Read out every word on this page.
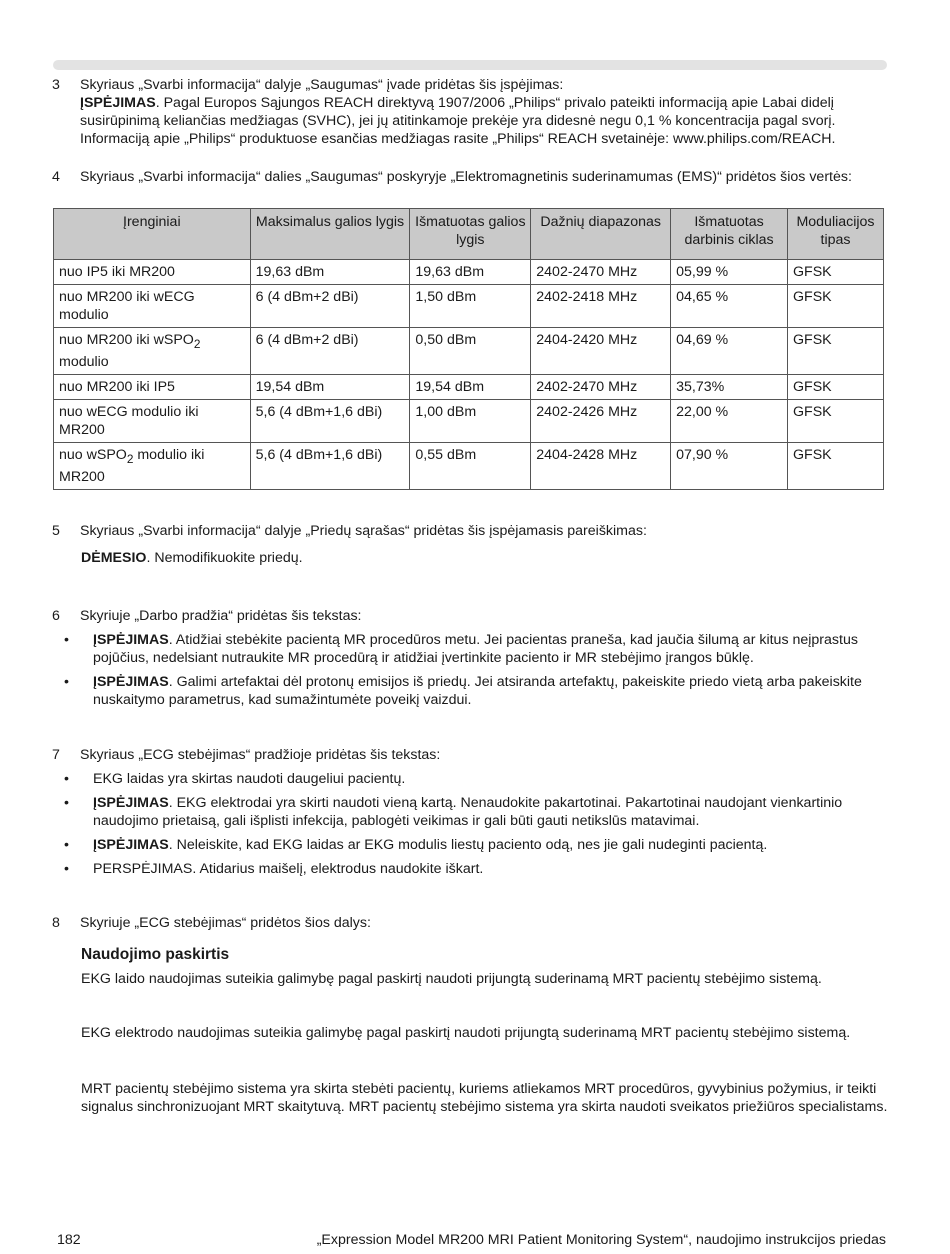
3 Skyriaus „Svarbi informacija“ dalyje „Saugumas“ įvade pridėtas šis įspėjimas:
ĮSPĖJIMAS. Pagal Europos Sąjungos REACH direktyvą 1907/2006 „Philips“ privalo pateikti informaciją apie Labai didelį susirūpinimą keliančias medžiagas (SVHC), jei jų atitinkamoje prekėje yra didesnė negu 0,1 % koncentracija pagal svorį. Informaciją apie „Philips“ produktuose esančias medžiagas rasite „Philips“ REACH svetainėje: www.philips.com/REACH.
4 Skyriaus „Svarbi informacija“ dalies „Saugumas“ poskyryje „Elektromagnetinis suderinamumas (EMS)“ pridėtos šios vertės:
Įrenginiai	Maksimalus galios lygis	Išmatuotas galios lygis	Dažnių diapazonas	Išmatuotas darbinis ciklas	Moduliacijos tipas
nuo IP5 iki MR200	19,63 dBm	19,63 dBm	2402-2470 MHz	05,99 %	GFSK
nuo MR200 iki wECG modulio	6 (4 dBm+2 dBi)	1,50 dBm	2402-2418 MHz	04,65 %	GFSK
nuo MR200 iki wSPO$_2$ modulio	6 (4 dBm+2 dBi)	0,50 dBm	2404-2420 MHz	04,69 %	GFSK
nuo MR200 iki IP5	19,54 dBm	19,54 dBm	2402-2470 MHz	35,73%	GFSK
nuo wECG modulio iki MR200	5,6 (4 dBm+1,6 dBi)	1,00 dBm	2402-2426 MHz	22,00 %	GFSK
nuo wSPO$_2$ modulio iki MR200	5,6 (4 dBm+1,6 dBi)	0,55 dBm	2404-2428 MHz	07,90 %	GFSK
5 Skyriaus „Svarbi informacija“ dalyje „Priedų sąrašas“ pridėtas šis įspėjamasis pareiškimas:
DĖMESIO. Nemodifikuokite priedų.
6 Skyriuje „Darbo pradžia“ pridėtas šis tekstas:
• ĮSPĖJIMAS. Atidžiai stebėkite pacientą MR procedūros metu. Jei pacientas praneša, kad jaučia šilumą ar kitus neįprastus pojūčius, nedelsiant nutraukite MR procedūrą ir atidžiai įvertinkite paciento ir MR stebėjimo įrangos būklę.
• ĮSPĖJIMAS. Galimi artefaktai dėl protonų emisijos iš priedų. Jei atsiranda artefaktų, pakeiskite priedo vietą arba pakeiskite nuskaitymo parametrus, kad sumažintumėte poveikį vaizdui.
7 Skyriaus „ECG stebėjimas“ pradžioje pridėtas šis tekstas:
• EKG laidas yra skirtas naudoti daugeliui pacientų.
• ĮSPĖJIMAS. EKG elektrodai yra skirti naudoti vieną kartą. Nenaudokite pakartotinai. Pakartotinai naudojant vienkartinio naudojimo prietaisą, gali išplisti infekcija, pablogėti veikimas ir gali būti gauti netikslūs matavimai.
• ĮSPĖJIMAS. Neleiskite, kad EKG laidas ar EKG modulis liestų paciento odą, nes jie gali nudeginti pacientą.
• PERSPĖJIMAS. Atidarius maišelį, elektrodus naudokite iškart.
8 Skyriuje „ECG stebėjimas“ pridėtos šios dalys:
Naudojimo paskirtis
EKG laido naudojimas suteikia galimybę pagal paskirtį naudoti prijungtą suderinamą MRT pacientų stebėjimo sistemą.
EKG elektrodo naudojimas suteikia galimybę pagal paskirtį naudoti prijungtą suderinamą MRT pacientų stebėjimo sistemą.
MRT pacientų stebėjimo sistema yra skirta stebėti pacientų, kuriems atliekamos MRT procedūros, gyvybinius požymius, ir teikti signalus sinchronizuojant MRT skaitytuvą. MRT pacientų stebėjimo sistema yra skirta naudoti sveikatos priežiūros specialistams.
182	„Expression Model MR200 MRI Patient Monitoring System“, naudojimo instrukcijos priedas
